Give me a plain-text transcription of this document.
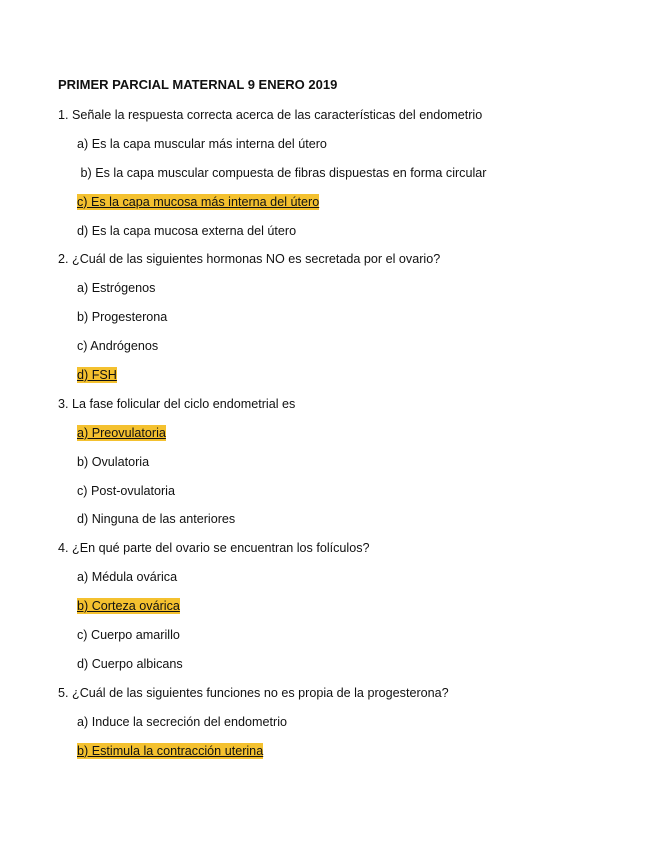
PRIMER PARCIAL MATERNAL 9 ENERO 2019
1. Señale la respuesta correcta acerca de las características del endometrio
a) Es la capa muscular más interna del útero
b) Es la capa muscular compuesta de fibras dispuestas en forma circular
c) Es la capa mucosa más interna del útero
d) Es la capa mucosa externa del útero
2. ¿Cuál de las siguientes hormonas NO es secretada por el ovario?
a) Estrógenos
b) Progesterona
c) Andrógenos
d) FSH
3. La fase folicular del ciclo endometrial es
a) Preovulatoria
b) Ovulatoria
c) Post-ovulatoria
d) Ninguna de las anteriores
4. ¿En qué parte del ovario se encuentran los folículos?
a) Médula ovárica
b) Corteza ovárica
c) Cuerpo amarillo
d) Cuerpo albicans
5. ¿Cuál de las siguientes funciones no es propia de la progesterona?
a) Induce la secreción del endometrio
b) Estimula la contracción uterina
